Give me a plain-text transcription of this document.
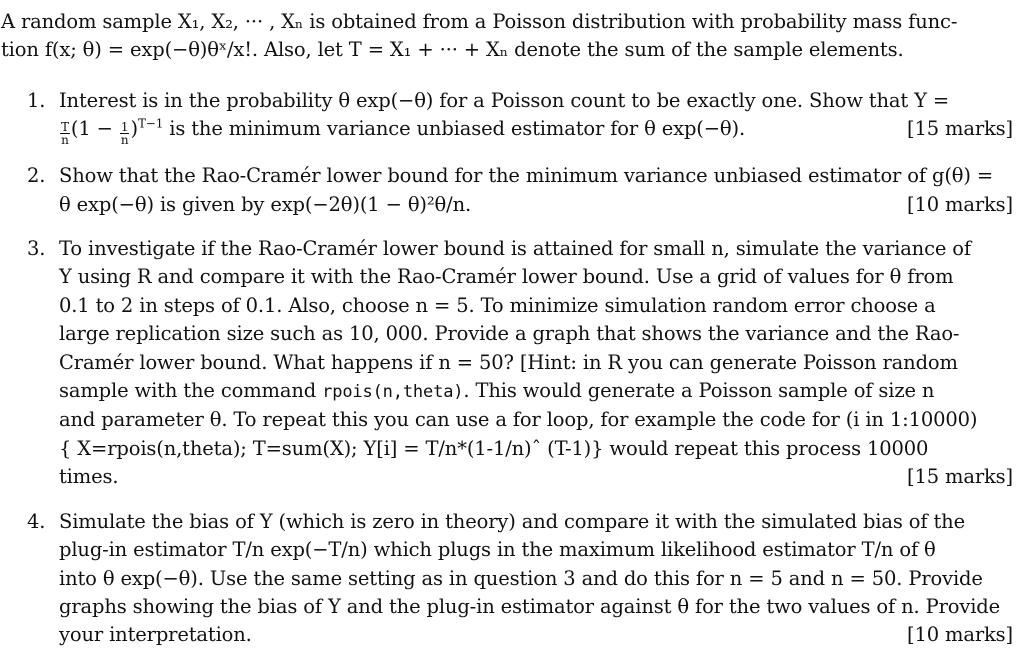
A random sample X₁, X₂, ··· , Xₙ is obtained from a Poisson distribution with probability mass func-
tion f(x; θ) = exp(−θ)θˣ/x!. Also, let T = X₁ + ··· + Xₙ denote the sum of the sample elements.
1. Interest is in the probability θ exp(−θ) for a Poisson count to be exactly one. Show that Y =
$\frac{T}{n} (1 - \frac{1}{n} )^{T-1}$ is the minimum variance unbiased estimator for θ exp(−θ).	[15 marks]
2. Show that the Rao-Cramér lower bound for the minimum variance unbiased estimator of g(θ) =
θ exp(−θ) is given by exp(−2θ)(1 − θ)²θ/n.	[10 marks]
3. To investigate if the Rao-Cramér lower bound is attained for small n, simulate the variance of
Y using R and compare it with the Rao-Cramér lower bound. Use a grid of values for θ from
0.1 to 2 in steps of 0.1. Also, choose n = 5. To minimize simulation random error choose a
large replication size such as 10, 000. Provide a graph that shows the variance and the Rao-
Cramér lower bound. What happens if n = 50? [Hint: in R you can generate Poisson random
sample with the command rpois(n,theta). This would generate a Poisson sample of size n
and parameter θ. To repeat this you can use a for loop, for example the code for (i in 1:10000)
{ X=rpois(n,theta); T=sum(X); Y[i] = T/n*(1-1/n)ˆ (T-1)} would repeat this process 10000
times.	[15 marks]
4. Simulate the bias of Y (which is zero in theory) and compare it with the simulated bias of the
plug-in estimator T/n exp(−T/n) which plugs in the maximum likelihood estimator T/n of θ
into θ exp(−θ). Use the same setting as in question 3 and do this for n = 5 and n = 50. Provide
graphs showing the bias of Y and the plug-in estimator against θ for the two values of n. Provide
your interpretation.	[10 marks]
